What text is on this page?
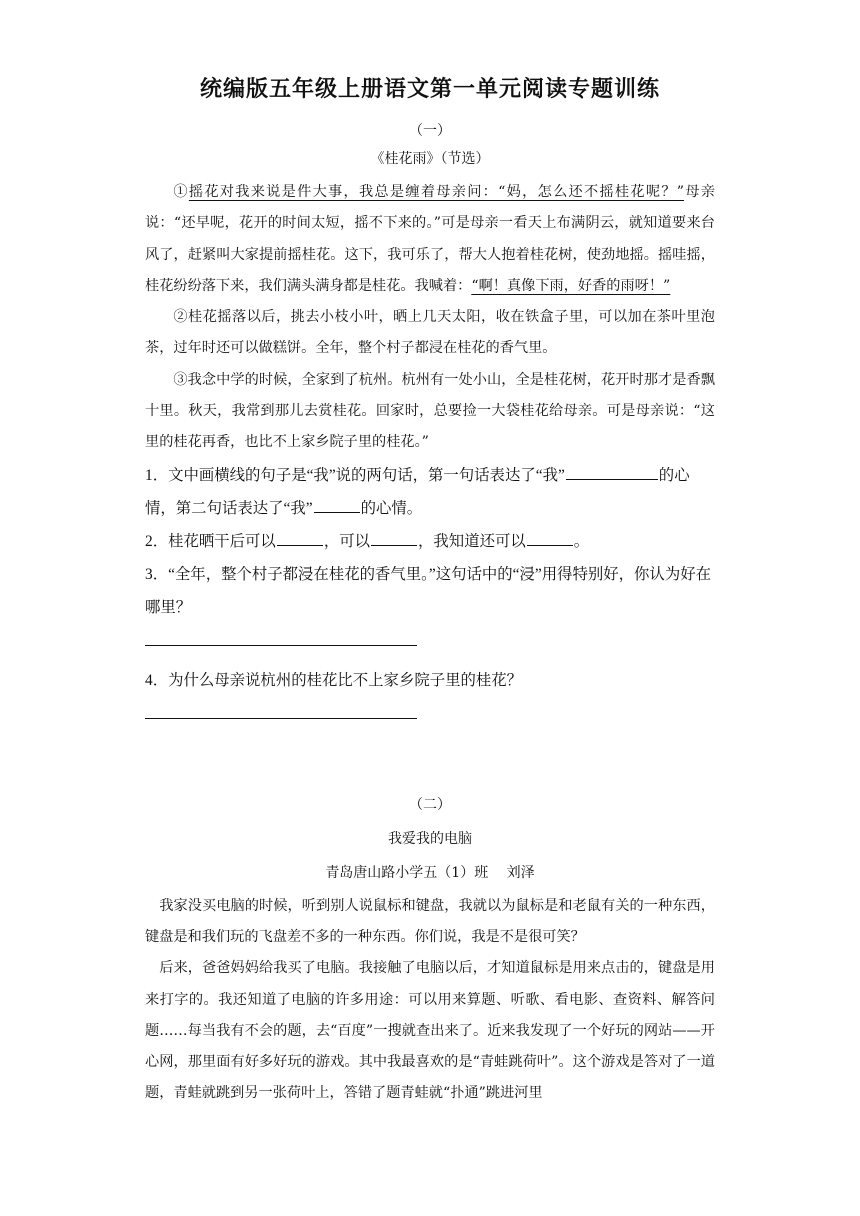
统编版五年级上册语文第一单元阅读专题训练
（一）
《桂花雨》（节选）

①摇花对我来说是件大事，我总是缠着母亲问：“妈，怎么还不摇桂花呢？”母亲说：“还早呢，花开的时间太短，摇不下来的。”可是母亲一看天上布满阴云，就知道要来台风了，赶紧叫大家提前摇桂花。这下，我可乐了，帮大人抱着桂花树，使劲地摇。摇哇摇，桂花纷纷落下来，我们满头满身都是桂花。我喊着：“啊！真像下雨，好香的雨呀！”

②桂花摇落以后，挑去小枝小叶，晒上几天太阳，收在铁盒子里，可以加在茶叶里泡茶，过年时还可以做糕饼。全年，整个村子都浸在桂花的香气里。

③我念中学的时候，全家到了杭州。杭州有一处小山，全是桂花树，花开时那才是香飘十里。秋天，我常到那儿去赏桂花。回家时，总要捡一大袋桂花给母亲。可是母亲说：“这里的桂花再香，也比不上家乡院子里的桂花。”

1．文中画横线的句子是“我”说的两句话，第一句话表达了“我”	的心情，第二句话表达了“我”	的心情。

2．桂花晒干后可以	，可以	，我知道还可以	。

3．“全年，整个村子都浸在桂花的香气里。”这句话中的“浸”用得特别好，你认为好在哪里？

4．为什么母亲说杭州的桂花比不上家乡院子里的桂花？

（二）
我爱我的电脑
青岛唐山路小学五（1）班　 刘泽

我家没买电脑的时候，听到别人说鼠标和键盘，我就以为鼠标是和老鼠有关的一种东西，键盘是和我们玩的飞盘差不多的一种东西。你们说，我是不是很可笑？

后来，爸爸妈妈给我买了电脑。我接触了电脑以后，才知道鼠标是用来点击的，键盘是用来打字的。我还知道了电脑的许多用途：可以用来算题、听歌、看电影、查资料、解答问题……每当我有不会的题，去“百度”一搜就查出来了。近来我发现了一个好玩的网站——开心网，那里面有好多好玩的游戏。其中我最喜欢的是“青蛙跳荷叶”。这个游戏是答对了一道题，青蛙就跳到另一张荷叶上，答错了题青蛙就“扑通”跳进河里
